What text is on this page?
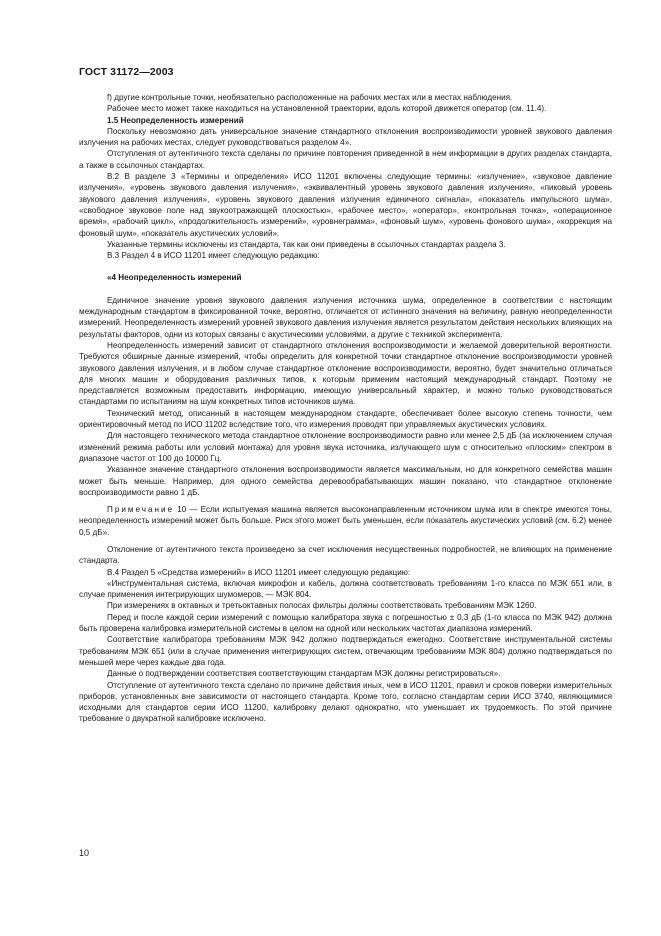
ГОСТ 31172—2003

f) другие контрольные точки, необязательно расположенные на рабочих местах или в местах наблюдения.

Рабочее место может также находиться на установленной траектории, вдоль которой движется оператор (см. 11.4).

1.5 Неопределенность измерений

Поскольку невозможно дать универсальное значение стандартного отклонения воспроизводимости уровней звукового давления излучения на рабочих местах, следует руководствоваться разделом 4».

Отступления от аутентичного текста сделаны по причине повторения приведенной в нем информации в других разделах стандарта, а также в ссылочных стандартах.

В.2 В разделе 3 «Термины и определения» ИСО 11201 включены следующие термины: «излучение», «звуковое давление излучения», «уровень звукового давления излучения», «эквивалентный уровень звукового давления излучения», «пиковый уровень звукового давления излучения», «уровень звукового давления излучения единичного сигнала», «показатель импульсного шума», «свободное звуковое поле над звукоотражающей плоскостью», «рабочее место», «оператор», «контрольная точка», «операционное время», «рабочий цикл», «продолжительность измерений», «уровнеграмма», «фоновый шум», «уровень фонового шума», «коррекция на фоновый шум», «показатель акустических условий».

Указанные термины исключены из стандарта, так как они приведены в ссылочных стандартах раздела 3.

В.3 Раздел 4 в ИСО 11201 имеет следующую редакцию:

«4 Неопределенность измерений

Единичное значение уровня звукового давления излучения источника шума, определенное в соответствии с настоящим международным стандартом в фиксированной точке, вероятно, отличается от истинного значения на величину, равную неопределенности измерений. Неопределенность измерений уровней звукового давления излучения является результатом действия нескольких влияющих на результаты факторов, одни из которых связаны с акустическими условиями, а другие с техникой эксперимента.

Неопределенность измерений зависит от стандартного отклонения воспроизводимости и желаемой доверительной вероятности. Требуются обширные данные измерений, чтобы определить для конкретной точки стандартное отклонение воспроизводимости уровней звукового давления излучения, и в любом случае стандартное отклонение воспроизводимости, вероятно, будет значительно отличаться для многих машин и оборудования различных типов, к которым применим настоящий международный стандарт. Поэтому не представляется возможным предоставить информацию, имеющую универсальный характер, и можно только руководствоваться стандартами по испытаниям на шум конкретных типов источников шума.

Технический метод, описанный в настоящем международном стандарте, обеспечивает более высокую степень точности, чем ориентировочный метод по ИСО 11202 вследствие того, что измерения проводят при управляемых акустических условиях.

Для настоящего технического метода стандартное отклонение воспроизводимости равно или менее 2,5 дБ (за исключением случая изменений режима работы или условий монтажа) для уровня звука источника, излучающего шум с относительно «плоским» спектром в диапазоне частот от 100 до 10000 Гц.

Указанное значение стандартного отклонения воспроизводимости является максимальным, но для конкретного семейства машин может быть меньше. Например, для одного семейства деревообрабатывающих машин показано, что стандартное отклонение воспроизводимости равно 1 дБ.

Примечание 10 — Если испытуемая машина является высоконаправленным источником шума или в спектре имеются тоны, неопределенность измерений может быть больше. Риск этого может быть уменьшен, если показатель акустических условий (см. 6.2) менее 0,5 дБ».

Отклонение от аутентичного текста произведено за счет исключения несущественных подробностей, не влияющих на применение стандарта.

В.4 Раздел 5 «Средства измерений» в ИСО 11201 имеет следующую редакцию:

«Инструментальная система, включая микрофон и кабель, должна соответствовать требованиям 1-го класса по МЭК 651 или, в случае применения интегрирующих шумомеров, — МЭК 804.

При измерениях в октавных и третьоктавных полосах фильтры должны соответствовать требованиям МЭК 1260.

Перед и после каждой серии измерений с помощью калибратора звука с погрешностью ± 0,3 дБ (1-го класса по МЭК 942) должна быть проверена калибровка измерительной системы в целом на одной или нескольких частотах диапазона измерений.

Соответствие калибратора требованиям МЭК 942 должно подтверждаться ежегодно. Соответствие инструментальной системы требованиям МЭК 651 (или в случае применения интегрирующих систем, отвечающим требованиям МЭК 804) должно подтверждаться по меньшей мере через каждые два года.

Данные о подтверждении соответствия соответствующим стандартам МЭК должны регистрироваться».

Отступление от аутентичного текста сделано по причине действия иных, чем в ИСО 11201, правил и сроков поверки измерительных приборов, установленных вне зависимости от настоящего стандарта. Кроме того, согласно стандартам серии ИСО 3740, являющимися исходными для стандартов серии ИСО 11200, калибровку делают однократно, что уменьшает их трудоемкость. По этой причине требование о двукратной калибровке исключено.

10
